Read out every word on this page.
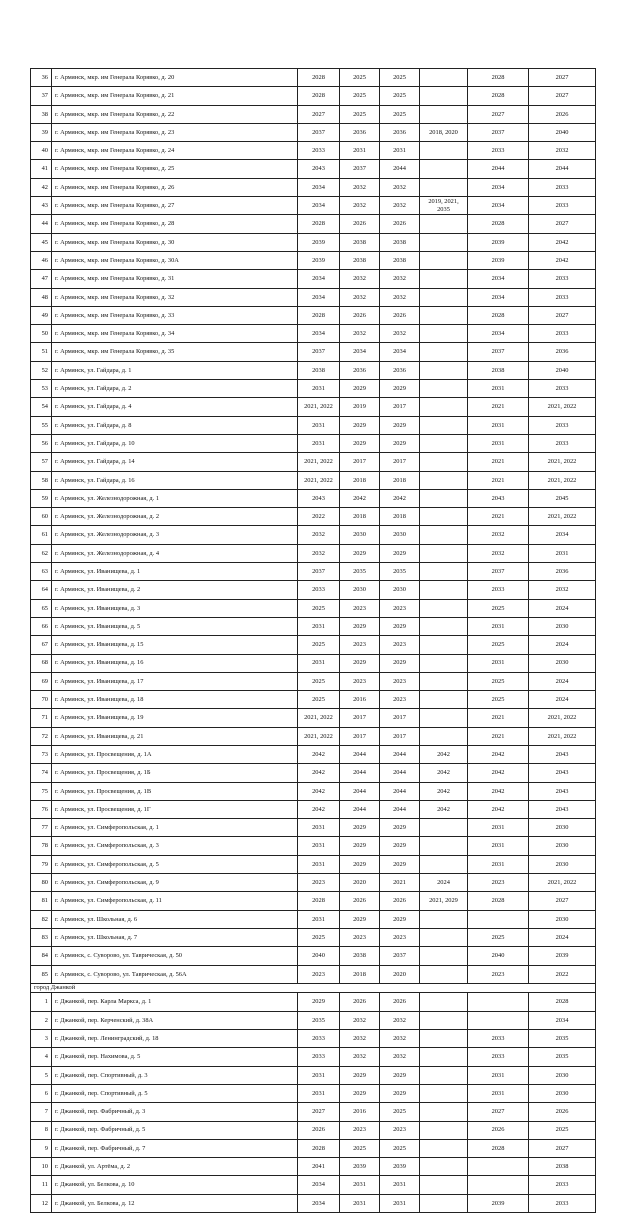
36	г. Армянск, мкр. им Генерала Корявко, д. 20	2028	2025	2025		2028	2027
37	г. Армянск, мкр. им Генерала Корявко, д. 21	2028	2025	2025		2028	2027
38	г. Армянск, мкр. им Генерала Корявко, д. 22	2027	2025	2025		2027	2026
39	г. Армянск, мкр. им Генерала Корявко, д. 23	2037	2036	2036	2018, 2020	2037	2040
40	г. Армянск, мкр. им Генерала Корявко, д. 24	2033	2031	2031		2033	2032
41	г. Армянск, мкр. им Генерала Корявко, д. 25	2043	2037	2044		2044	2044
42	г. Армянск, мкр. им Генерала Корявко, д. 26	2034	2032	2032		2034	2033
43	г. Армянск, мкр. им Генерала Корявко, д. 27	2034	2032	2032	2019, 2021, 2035	2034	2033
44	г. Армянск, мкр. им Генерала Корявко, д. 28	2028	2026	2026		2028	2027
45	г. Армянск, мкр. им Генерала Корявко, д. 30	2039	2038	2038		2039	2042
46	г. Армянск, мкр. им Генерала Корявко, д. 30А	2039	2038	2038		2039	2042
47	г. Армянск, мкр. им Генерала Корявко, д. 31	2034	2032	2032		2034	2033
48	г. Армянск, мкр. им Генерала Корявко, д. 32	2034	2032	2032		2034	2033
49	г. Армянск, мкр. им Генерала Корявко, д. 33	2028	2026	2026		2028	2027
50	г. Армянск, мкр. им Генерала Корявко, д. 34	2034	2032	2032		2034	2033
51	г. Армянск, мкр. им Генерала Корявко, д. 35	2037	2034	2034		2037	2036
52	г. Армянск, ул. Гайдара, д. 1	2038	2036	2036		2038	2040
53	г. Армянск, ул. Гайдара, д. 2	2031	2029	2029		2031	2033
54	г. Армянск, ул. Гайдара, д. 4	2021, 2022	2019	2017		2021	2021, 2022
55	г. Армянск, ул. Гайдара, д. 8	2031	2029	2029		2031	2033
56	г. Армянск, ул. Гайдара, д. 10	2031	2029	2029		2031	2033
57	г. Армянск, ул. Гайдара, д. 14	2021, 2022	2017	2017		2021	2021, 2022
58	г. Армянск, ул. Гайдара, д. 16	2021, 2022	2018	2018		2021	2021, 2022
59	г. Армянск, ул. Железнодорожная, д. 1	2043	2042	2042		2043	2045
60	г. Армянск, ул. Железнодорожная, д. 2	2022	2018	2018		2021	2021, 2022
61	г. Армянск, ул. Железнодорожная, д. 3	2032	2030	2030		2032	2034
62	г. Армянск, ул. Железнодорожная, д. 4	2032	2029	2029		2032	2031
63	г. Армянск, ул. Иванищева, д. 1	2037	2035	2035		2037	2036
64	г. Армянск, ул. Иванищева, д. 2	2033	2030	2030		2033	2032
65	г. Армянск, ул. Иванищева, д. 3	2025	2023	2023		2025	2024
66	г. Армянск, ул. Иванищева, д. 5	2031	2029	2029		2031	2030
67	г. Армянск, ул. Иванищева, д. 15	2025	2023	2023		2025	2024
68	г. Армянск, ул. Иванищева, д. 16	2031	2029	2029		2031	2030
69	г. Армянск, ул. Иванищева, д. 17	2025	2023	2023		2025	2024
70	г. Армянск, ул. Иванищева, д. 18	2025	2016	2023		2025	2024
71	г. Армянск, ул. Иванищева, д. 19	2021, 2022	2017	2017		2021	2021, 2022
72	г. Армянск, ул. Иванищева, д. 21	2021, 2022	2017	2017		2021	2021, 2022
73	г. Армянск, ул. Просвещения, д. 1А	2042	2044	2044	2042	2042	2043
74	г. Армянск, ул. Просвещения, д. 1Б	2042	2044	2044	2042	2042	2043
75	г. Армянск, ул. Просвещения, д. 1В	2042	2044	2044	2042	2042	2043
76	г. Армянск, ул. Просвещения, д. 1Г	2042	2044	2044	2042	2042	2043
77	г. Армянск, ул. Симферопольская, д. 1	2031	2029	2029		2031	2030
78	г. Армянск, ул. Симферопольская, д. 3	2031	2029	2029		2031	2030
79	г. Армянск, ул. Симферопольская, д. 5	2031	2029	2029		2031	2030
80	г. Армянск, ул. Симферопольская, д. 9	2023	2020	2021	2024	2023	2021, 2022
81	г. Армянск, ул. Симферопольская, д. 11	2028	2026	2026	2021, 2029	2028	2027
82	г. Армянск, ул. Школьная, д. 6	2031	2029	2029			2030
83	г. Армянск, ул. Школьная, д. 7	2025	2023	2023		2025	2024
84	г. Армянск, с. Суворово, ул. Таврическая, д. 50	2040	2038	2037		2040	2039
85	г. Армянск, с. Суворово, ул. Таврическая, д. 56А	2023	2018	2020		2023	2022
город Джанкой							
1	г. Джанкой, пер. Карла Маркса, д. 1	2029	2026	2026			2028
2	г. Джанкой, пер. Керченский, д. 38А	2035	2032	2032			2034
3	г. Джанкой, пер. Ленинградский, д. 18	2033	2032	2032		2033	2035
4	г. Джанкой, пер. Нахимова, д. 5	2033	2032	2032		2033	2035
5	г. Джанкой, пер. Спортивный, д. 3	2031	2029	2029		2031	2030
6	г. Джанкой, пер. Спортивный, д. 5	2031	2029	2029		2031	2030
7	г. Джанкой, пер. Фабричный, д. 3	2027	2016	2025		2027	2026
8	г. Джанкой, пер. Фабричный, д. 5	2026	2023	2023		2026	2025
9	г. Джанкой, пер. Фабричный, д. 7	2028	2025	2025		2028	2027
10	г. Джанкой, ул. Артёма, д. 2	2041	2039	2039			2038
11	г. Джанкой, ул. Белкова, д. 10	2034	2031	2031			2033
12	г. Джанкой, ул. Белкова, д. 12	2034	2031	2031		2039	2033
